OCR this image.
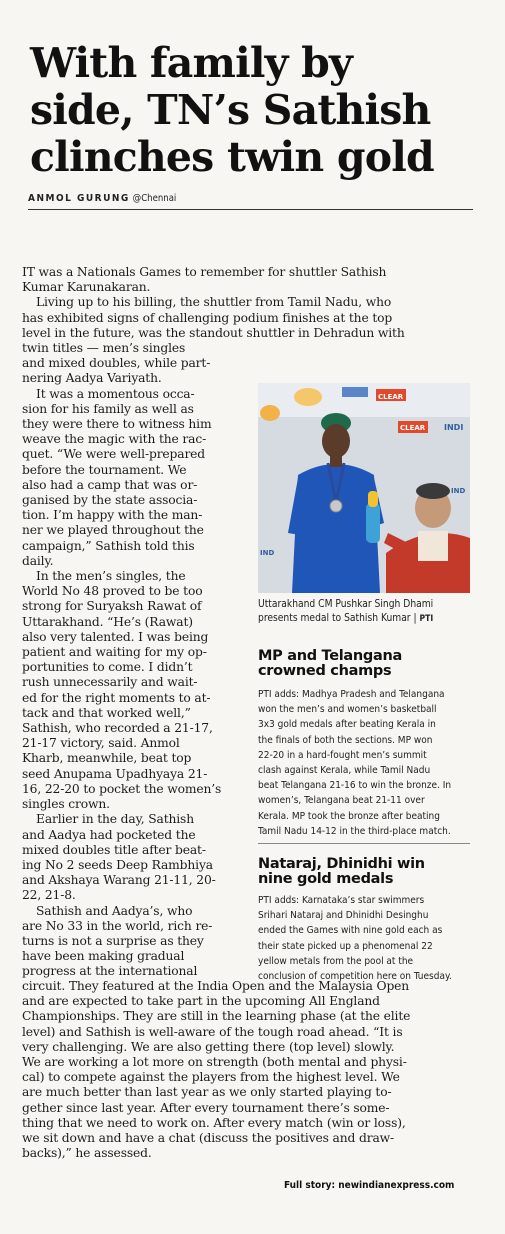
With family by
side, TN’s Sathish
clinches twin gold
ANMOL GURUNG @Chennai
IT was a Nationals Games to remember for shuttler Sathish
Kumar Karunakaran.
Living up to his billing, the shuttler from Tamil Nadu, who
has exhibited signs of challenging podium finishes at the top
level in the future, was the standout shuttler in Dehradun with
twin titles — men’s singles
and mixed doubles, while part-
nering Aadya Variyath.
It was a momentous occa-
sion for his family as well as
they were there to witness him
weave the magic with the rac-
quet. “We were well-prepared
before the tournament. We
also had a camp that was or-
ganised by the state associa-
tion. I’m happy with the man-
ner we played throughout the
campaign,” Sathish told this
daily.
In the men’s singles, the
World No 48 proved to be too
strong for Suryaksh Rawat of
Uttarakhand. “He’s (Rawat)
also very talented. I was being
patient and waiting for my op-
portunities to come. I didn’t
rush unnecessarily and wait-
ed for the right moments to at-
tack and that worked well,”
Sathish, who recorded a 21-17,
21-17 victory, said. Anmol
Kharb, meanwhile, beat top
seed Anupama Upadhyaya 21-
16, 22-20 to pocket the women’s
singles crown.
Earlier in the day, Sathish
and Aadya had pocketed the
mixed doubles title after beat-
ing No 2 seeds Deep Rambhiya
and Akshaya Warang 21-11, 20-
22, 21-8.
Sathish and Aadya’s, who
are No 33 in the world, rich re-
turns is not a surprise as they
have been making gradual
progress at the international
CLEAR
CLEAR INDI
IND
IND
Uttarakhand CM Pushkar Singh Dhami
presents medal to Sathish Kumar | PTI
MP and Telangana
crowned champs
PTI adds: Madhya Pradesh and Telangana
won the men’s and women’s basketball
3x3 gold medals after beating Kerala in
the finals of both the sections. MP won
22-20 in a hard-fought men’s summit
clash against Kerala, while Tamil Nadu
beat Telangana 21-16 to win the bronze. In
women’s, Telangana beat 21-11 over
Kerala. MP took the bronze after beating
Tamil Nadu 14-12 in the third-place match.
Nataraj, Dhinidhi win
nine gold medals
PTI adds: Karnataka’s star swimmers
Srihari Nataraj and Dhinidhi Desinghu
ended the Games with nine gold each as
their state picked up a phenomenal 22
yellow metals from the pool at the
conclusion of competition here on Tuesday.
circuit. They featured at the India Open and the Malaysia Open
and are expected to take part in the upcoming All England
Championships. They are still in the learning phase (at the elite
level) and Sathish is well-aware of the tough road ahead. “It is
very challenging. We are also getting there (top level) slowly.
We are working a lot more on strength (both mental and physi-
cal) to compete against the players from the highest level. We
are much better than last year as we only started playing to-
gether since last year. After every tournament there’s some-
thing that we need to work on. After every match (win or loss),
we sit down and have a chat (discuss the positives and draw-
backs),” he assessed.
Full story: newindianexpress.com
